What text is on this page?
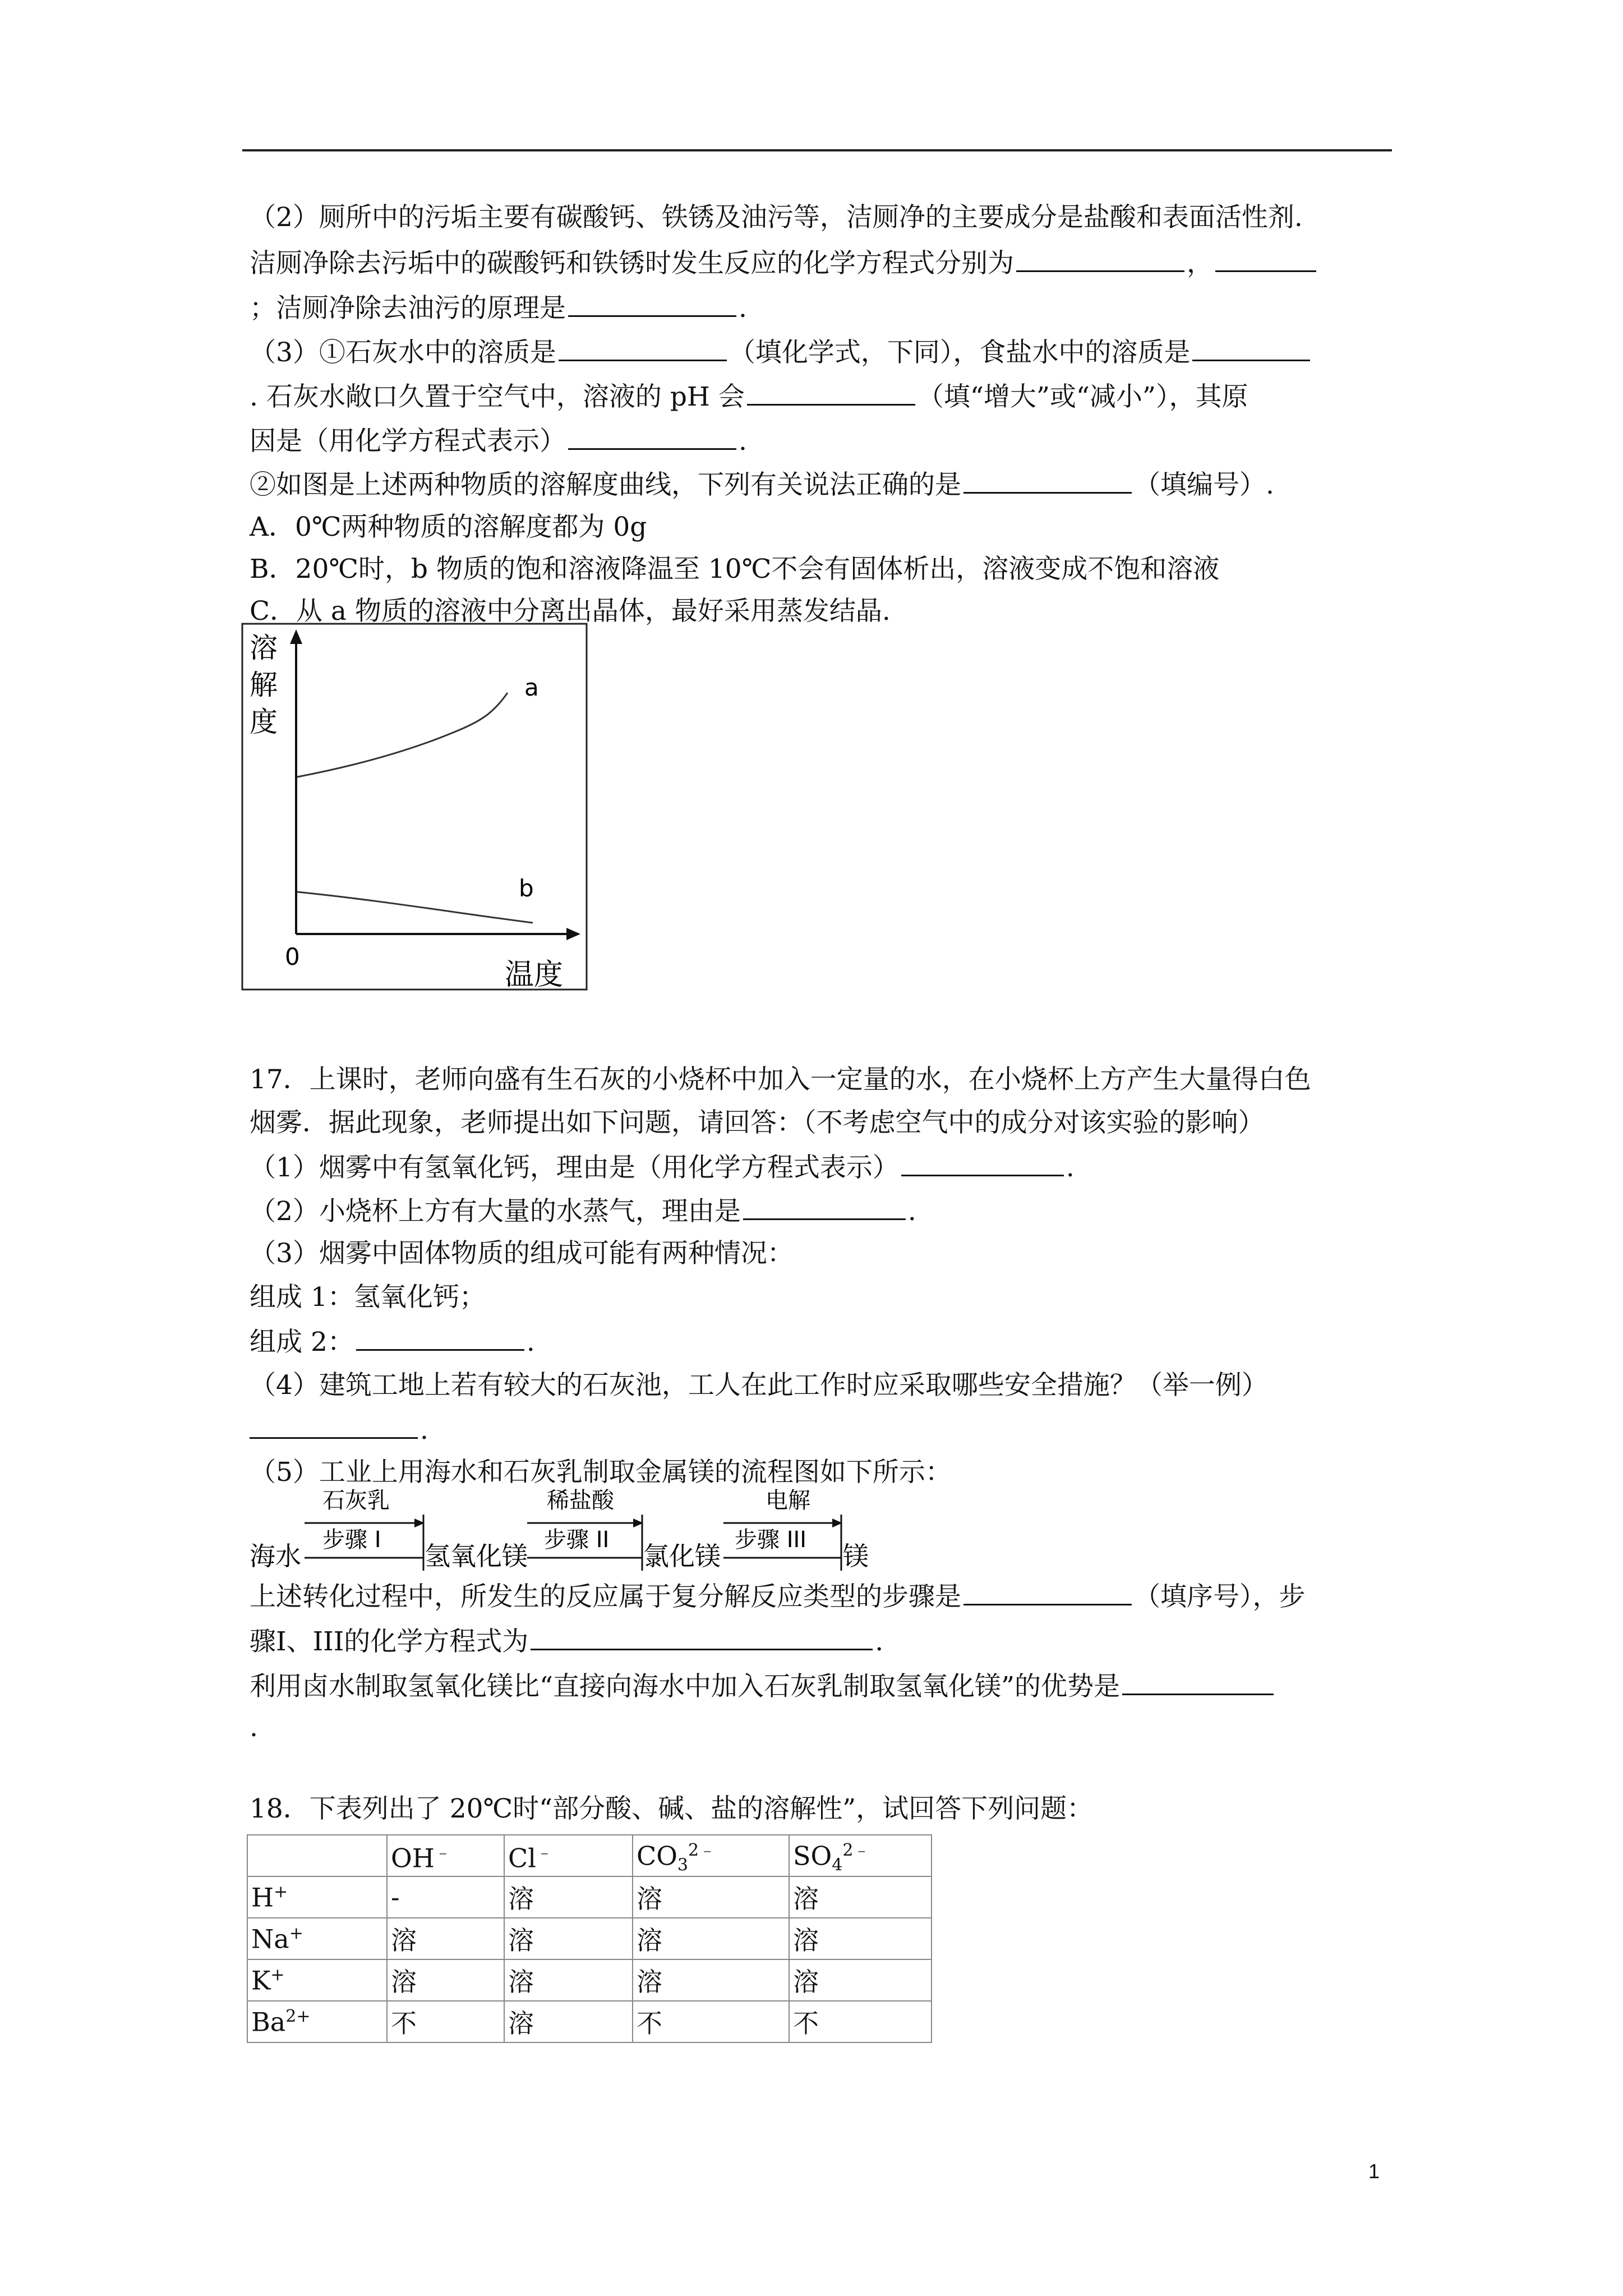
（2）厕所中的污垢主要有碳酸钙、铁锈及油污等，洁厕净的主要成分是盐酸和表面活性剂.
洁厕净除去污垢中的碳酸钙和铁锈时发生反应的化学方程式分别为	，
；洁厕净除去油污的原理是	.
（3）①石灰水中的溶质是	（填化学式，下同），食盐水中的溶质是
. 石灰水敞口久置于空气中，溶液的 pH 会	（填“增大”或“减小”），其原
因是（用化学方程式表示）	.
②如图是上述两种物质的溶解度曲线，下列有关说法正确的是	（填编号）.
A．0℃两种物质的溶解度都为 0g
B．20℃时，b 物质的饱和溶液降温至 10℃不会有固体析出，溶液变成不饱和溶液
C．从 a 物质的溶液中分离出晶体，最好采用蒸发结晶.
溶
解
度
0
温度
a
b
17．上课时，老师向盛有生石灰的小烧杯中加入一定量的水，在小烧杯上方产生大量得白色
烟雾．据此现象，老师提出如下问题，请回答：（不考虑空气中的成分对该实验的影响）
（1）烟雾中有氢氧化钙，理由是（用化学方程式表示）	.
（2）小烧杯上方有大量的水蒸气，理由是	.
（3）烟雾中固体物质的组成可能有两种情况：
组成 1：氢氧化钙；
组成 2：	.
（4）建筑工地上若有较大的石灰池，工人在此工作时应采取哪些安全措施？（举一例）
.
（5）工业上用海水和石灰乳制取金属镁的流程图如下所示：
海水
石灰乳
步骤 I
氢氧化镁
稀盐酸
步骤 II
氯化镁
电解
步骤 III
镁
上述转化过程中，所发生的反应属于复分解反应类型的步骤是	（填序号），步
骤Ⅰ、III的化学方程式为	.
利用卤水制取氢氧化镁比“直接向海水中加入石灰乳制取氢氧化镁”的优势是
.
18．下表列出了 20℃时“部分酸、碱、盐的溶解性”，试回答下列问题：
	OH﹣	Cl﹣	$CO_3^{2﹣}$	$SO_4^{2﹣}$
H+	-	溶	溶	溶
Na+	溶	溶	溶	溶
K+	溶	溶	溶	溶
$Ba^{2+}$	不	溶	不	不
1
